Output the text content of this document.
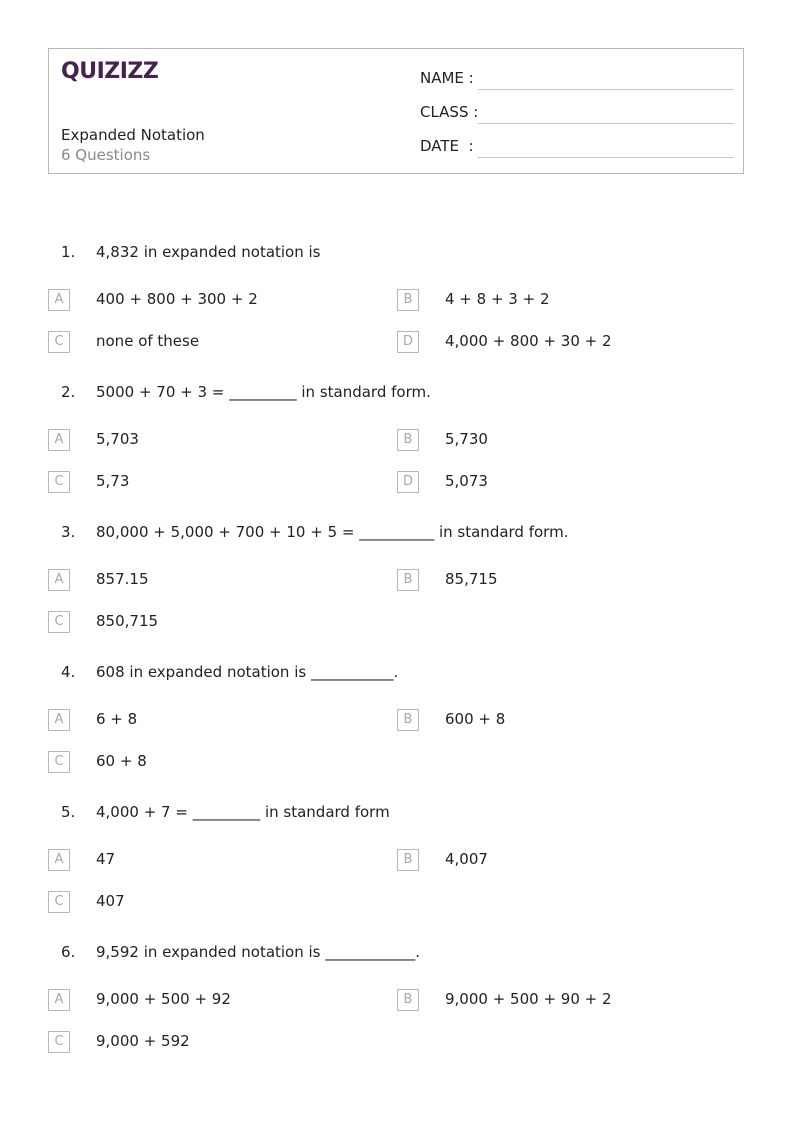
QUIZIZZ
Expanded Notation
6 Questions
NAME :
CLASS :
DATE  :
1. 4,832 in expanded notation is
A	400 + 800 + 300 + 2	B	4 + 8 + 3 + 2
C	none of these	D	4,000 + 800 + 30 + 2
2. 5000 + 70 + 3 = _________ in standard form.
A	5,703	B	5,730
C	5,73	D	5,073
3. 80,000 + 5,000 + 700 + 10 + 5 = __________ in standard form.
A	857.15	B	85,715
C	850,715
4. 608 in expanded notation is ___________.
A	6 + 8	B	600 + 8
C	60 + 8
5. 4,000 + 7 = _________ in standard form
A	47	B	4,007
C	407
6. 9,592 in expanded notation is ____________.
A	9,000 + 500 + 92	B	9,000 + 500 + 90 + 2
C	9,000 + 592
